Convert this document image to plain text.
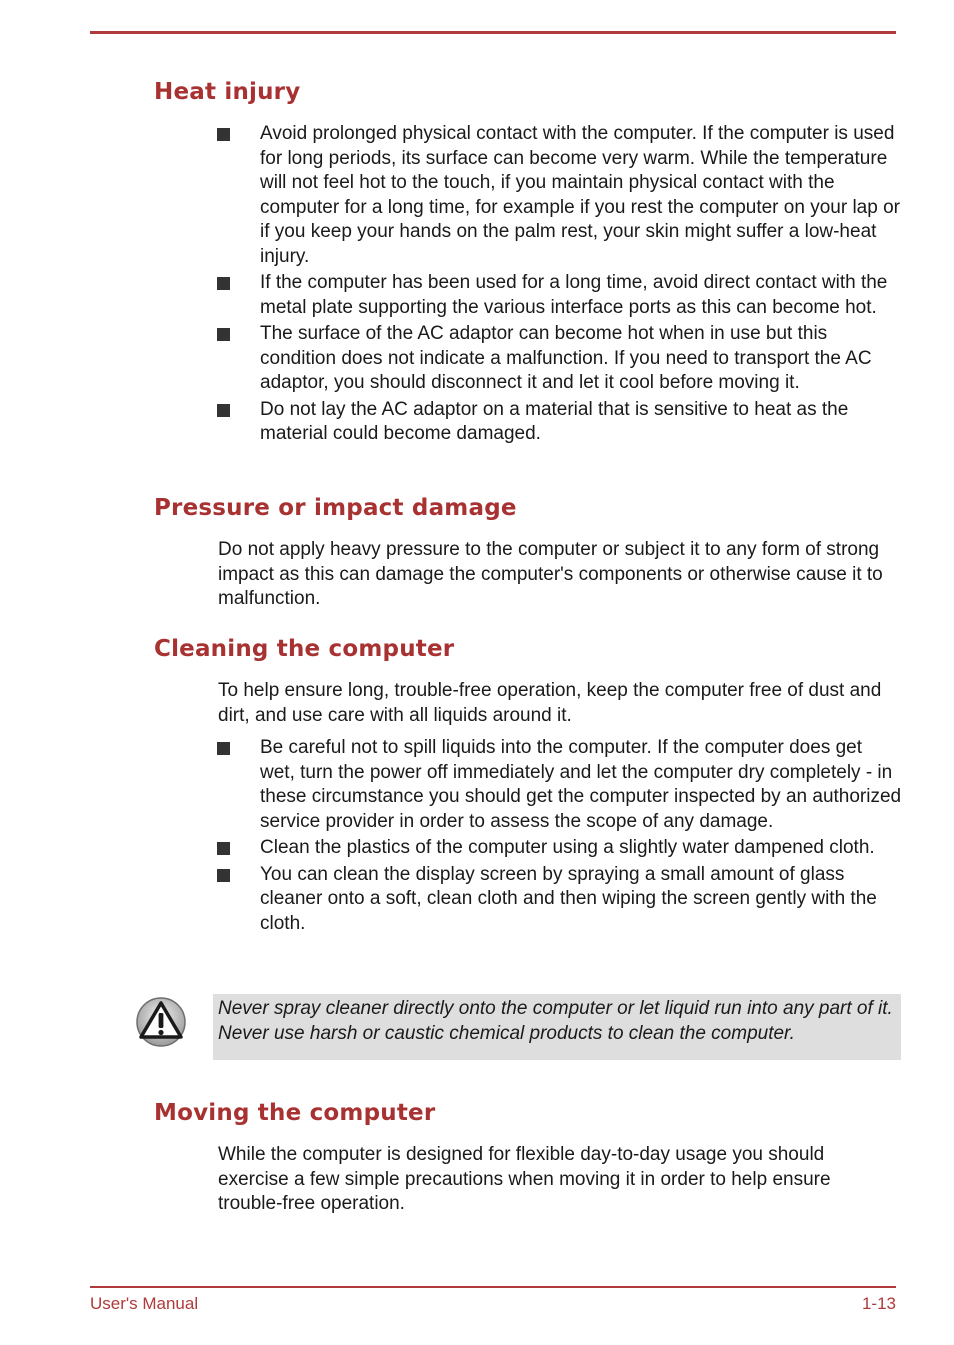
Heat injury
Avoid prolonged physical contact with the computer. If the computer is used for long periods, its surface can become very warm. While the temperature will not feel hot to the touch, if you maintain physical contact with the computer for a long time, for example if you rest the computer on your lap or if you keep your hands on the palm rest, your skin might suffer a low-heat injury.
If the computer has been used for a long time, avoid direct contact with the metal plate supporting the various interface ports as this can become hot.
The surface of the AC adaptor can become hot when in use but this condition does not indicate a malfunction. If you need to transport the AC adaptor, you should disconnect it and let it cool before moving it.
Do not lay the AC adaptor on a material that is sensitive to heat as the material could become damaged.
Pressure or impact damage

Do not apply heavy pressure to the computer or subject it to any form of strong impact as this can damage the computer's components or otherwise cause it to malfunction.

Cleaning the computer

To help ensure long, trouble-free operation, keep the computer free of dust and dirt, and use care with all liquids around it.

Be careful not to spill liquids into the computer. If the computer does get wet, turn the power off immediately and let the computer dry completely - in these circumstance you should get the computer inspected by an authorized service provider in order to assess the scope of any damage.
Clean the plastics of the computer using a slightly water dampened cloth.
You can clean the display screen by spraying a small amount of glass cleaner onto a soft, clean cloth and then wiping the screen gently with the cloth.

Never spray cleaner directly onto the computer or let liquid run into any part of it. Never use harsh or caustic chemical products to clean the computer.

Moving the computer

While the computer is designed for flexible day-to-day usage you should exercise a few simple precautions when moving it in order to help ensure trouble-free operation.

User's Manual	1-13
